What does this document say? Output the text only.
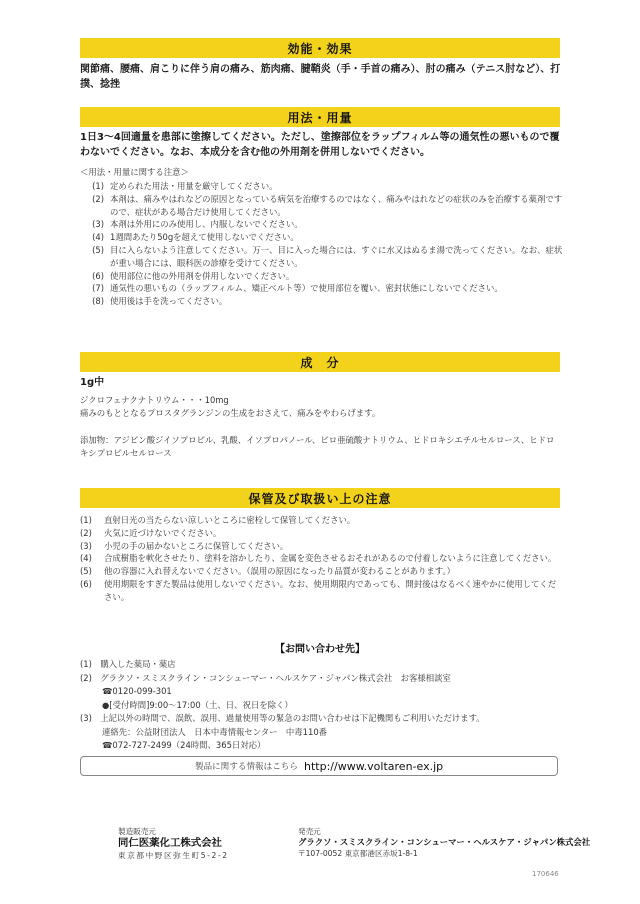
効能・効果
関節痛、腰痛、肩こりに伴う肩の痛み、筋肉痛、腱鞘炎（手・手首の痛み）、肘の痛み（テニス肘など）、打撲、捻挫
用法・用量
1日3〜4回適量を患部に塗擦してください。ただし、塗擦部位をラップフィルム等の通気性の悪いもので覆わないでください。なお、本成分を含む他の外用剤を併用しないでください。
＜用法・用量に関する注意＞
(1) 定められた用法・用量を厳守してください。
(2) 本剤は、痛みやはれなどの原因となっている病気を治療するのではなく、痛みやはれなどの症状のみを治療する薬剤ですので、症状がある場合だけ使用してください。
(3) 本剤は外用にのみ使用し、内服しないでください。
(4) 1週間あたり50gを超えて使用しないでください。
(5) 目に入らないよう注意してください。万一、目に入った場合には、すぐに水又はぬるま湯で洗ってください。なお、症状が重い場合には、眼科医の診療を受けてください。
(6) 使用部位に他の外用剤を併用しないでください。
(7) 通気性の悪いもの（ラップフィルム、矯正ベルト等）で使用部位を覆い、密封状態にしないでください。
(8) 使用後は手を洗ってください。
成　分
1g中
ジクロフェナクナトリウム・・・10mg
痛みのもととなるプロスタグランジンの生成をおさえて、痛みをやわらげます。
添加物：アジピン酸ジイソプロピル、乳酸、イソプロパノール、ピロ亜硫酸ナトリウム、ヒドロキシエチルセルロース、ヒドロキシプロピルセルロース
保管及び取扱い上の注意
(1)	直射日光の当たらない涼しいところに密栓して保管してください。
(2)	火気に近づけないでください。
(3)	小児の手の届かないところに保管してください。
(4)	合成樹脂を軟化させたり、塗料を溶かしたり、金属を変色させるおそれがあるので付着しないように注意してください。
(5)	他の容器に入れ替えないでください。（誤用の原因になったり品質が変わることがあります。）
(6)	使用期限をすぎた製品は使用しないでください。なお、使用期限内であっても、開封後はなるべく速やかに使用してください。
【お問い合わせ先】
(1)　購入した薬局・薬店
(2)　グラクソ・スミスクライン・コンシューマー・ヘルスケア・ジャパン株式会社　お客様相談室
☎0120-099-301
●[受付時間]9:00〜17:00（土、日、祝日を除く）
(3)　上記以外の時間で、誤飲、誤用、過量使用等の緊急のお問い合わせは下記機関もご利用いただけます。
連絡先：公益財団法人　日本中毒情報センター　中毒110番
☎072-727-2499（24時間、365日対応）
製品に関する情報はこちら http://www.voltaren-ex.jp
製造販売元
同仁医薬化工株式会社
東京都中野区弥生町5-2-2
発売元
グラクソ・スミスクライン・コンシューマー・ヘルスケア・ジャパン株式会社
〒107-0052 東京都港区赤坂1-8-1
170646
